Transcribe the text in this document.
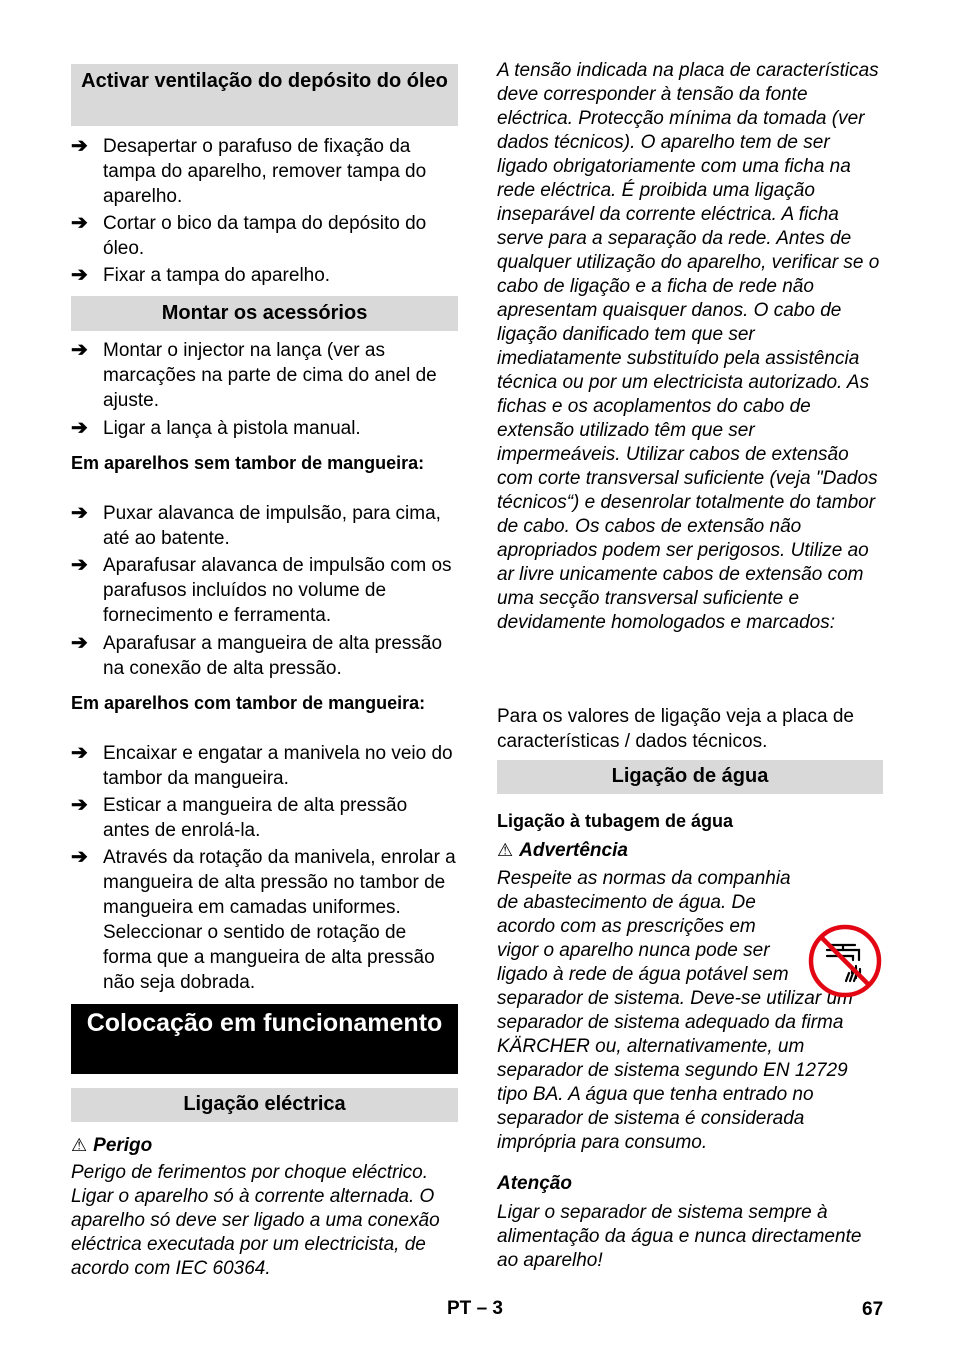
Activar ventilação do depósito do óleo
➔ Desapertar o parafuso de fixação da tampa do aparelho, remover tampa do aparelho.
➔ Cortar o bico da tampa do depósito do óleo.
➔ Fixar a tampa do aparelho.
Montar os acessórios
➔ Montar o injector na lança (ver as marcações na parte de cima do anel de ajuste.
➔ Ligar a lança à pistola manual.
Em aparelhos sem tambor de mangueira:
➔ Puxar alavanca de impulsão, para cima, até ao batente.
➔ Aparafusar alavanca de impulsão com os parafusos incluídos no volume de fornecimento e ferramenta.
➔ Aparafusar a mangueira de alta pressão na conexão de alta pressão.
Em aparelhos com tambor de mangueira:
➔ Encaixar e engatar a manivela no veio do tambor da mangueira.
➔ Esticar a mangueira de alta pressão antes de enrolá-la.
➔ Através da rotação da manivela, enrolar a mangueira de alta pressão no tambor de mangueira em camadas uniformes. Seleccionar o sentido de rotação de forma que a mangueira de alta pressão não seja dobrada.
Colocação em funcionamento
Ligação eléctrica
⚠ Perigo
Perigo de ferimentos por choque eléctrico. Ligar o aparelho só à corrente alternada. O aparelho só deve ser ligado a uma conexão eléctrica executada por um electricista, de acordo com IEC 60364.
A tensão indicada na placa de características deve corresponder à tensão da fonte eléctrica. Protecção mínima da tomada (ver dados técnicos). O aparelho tem de ser ligado obrigatoriamente com uma ficha na rede eléctrica. É proibida uma ligação inseparável da corrente eléctrica. A ficha serve para a separação da rede. Antes de qualquer utilização do aparelho, verificar se o cabo de ligação e a ficha de rede não apresentam quaisquer danos. O cabo de ligação danificado tem que ser imediatamente substituído pela assistência técnica ou por um electricista autorizado. As fichas e os acoplamentos do cabo de extensão utilizado têm que ser impermeáveis. Utilizar cabos de extensão com corte transversal suficiente (veja "Dados técnicos“) e desenrolar totalmente do tambor de cabo. Os cabos de extensão não apropriados podem ser perigosos. Utilize ao ar livre unicamente cabos de extensão com uma secção transversal suficiente e devidamente homologados e marcados:
Para os valores de ligação veja a placa de características / dados técnicos.
Ligação de água
Ligação à tubagem de água
⚠ Advertência
Respeite as normas da companhia de abastecimento de água. De acordo com as prescrições em vigor o aparelho nunca pode ser ligado à rede de água potável sem separador de sistema. Deve-se utilizar um separador de sistema adequado da firma KÄRCHER ou, alternativamente, um separador de sistema segundo EN 12729 tipo BA. A água que tenha entrado no separador de sistema é considerada imprópria para consumo.
Atenção
Ligar o separador de sistema sempre à alimentação da água e nunca directamente ao aparelho!
PT – 3	67
